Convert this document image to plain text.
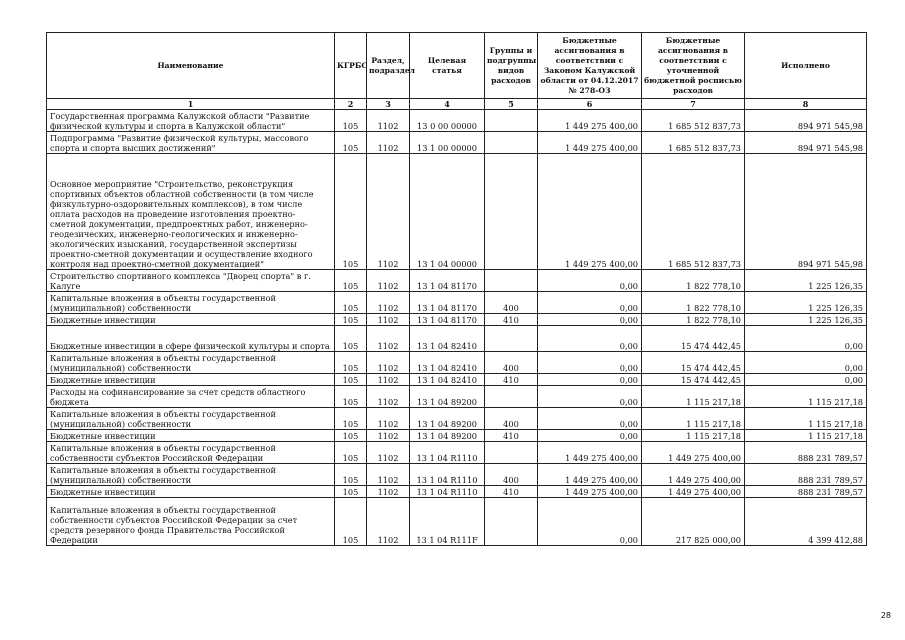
Наименование	КГРБС	Раздел, подраздел	Целевая статья	Группы и подгруппы видов расходов	Бюджетные ассигнования в соответствии с Законом Калужской области от 04.12.2017 № 278-ОЗ	Бюджетные ассигнования в соответствии с уточненной бюджетной росписью расходов	Исполнено
1	2	3	4	5	6	7	8
Государственная программа Калужской области "Развитие физической культуры и спорта в Калужской области"	105	1102	13 0 00 00000		1 449 275 400,00	1 685 512 837,73	894 971 545,98
Подпрограмма "Развитие физической культуры, массового спорта и спорта высших достижений"	105	1102	13 1 00 00000		1 449 275 400,00	1 685 512 837,73	894 971 545,98
Основное мероприятие "Строительство, реконструкция спортивных объектов областной собственности (в том числе физкультурно-оздоровительных комплексов), в том числе оплата расходов на проведение изготовления проектно-сметной документации, предпроектных работ, инженерно-геодезических, инженерно-геологических и инженерно-экологических изысканий, государственной экспертизы проектно-сметной документации и осуществление входного контроля над проектно-сметной документацией"	105	1102	13 1 04 00000		1 449 275 400,00	1 685 512 837,73	894 971 545,98
Строительство спортивного комплекса "Дворец спорта" в г. Калуге	105	1102	13 1 04 81170		0,00	1 822 778,10	1 225 126,35
Капитальные вложения в объекты государственной (муниципальной) собственности	105	1102	13 1 04 81170	400	0,00	1 822 778,10	1 225 126,35
Бюджетные инвестиции	105	1102	13 1 04 81170	410	0,00	1 822 778,10	1 225 126,35
Бюджетные инвестиции в сфере физической культуры и спорта	105	1102	13 1 04 82410		0,00	15 474 442,45	0,00
Капитальные вложения в объекты государственной (муниципальной) собственности	105	1102	13 1 04 82410	400	0,00	15 474 442,45	0,00
Бюджетные инвестиции	105	1102	13 1 04 82410	410	0,00	15 474 442,45	0,00
Расходы на софинансирование за счет средств областного бюджета	105	1102	13 1 04 89200		0,00	1 115 217,18	1 115 217,18
Капитальные вложения в объекты государственной (муниципальной) собственности	105	1102	13 1 04 89200	400	0,00	1 115 217,18	1 115 217,18
Бюджетные инвестиции	105	1102	13 1 04 89200	410	0,00	1 115 217,18	1 115 217,18
Капитальные вложения в объекты государственной собственности субъектов Российской Федерации	105	1102	13 1 04 R1110		1 449 275 400,00	1 449 275 400,00	888 231 789,57
Капитальные вложения в объекты государственной (муниципальной) собственности	105	1102	13 1 04 R1110	400	1 449 275 400,00	1 449 275 400,00	888 231 789,57
Бюджетные инвестиции	105	1102	13 1 04 R1110	410	1 449 275 400,00	1 449 275 400,00	888 231 789,57
Капитальные вложения в объекты государственной собственности субъектов Российской Федерации за счет средств резервного фонда Правительства Российской Федерации	105	1102	13 1 04 R111F		0,00	217 825 000,00	4 399 412,88
28
